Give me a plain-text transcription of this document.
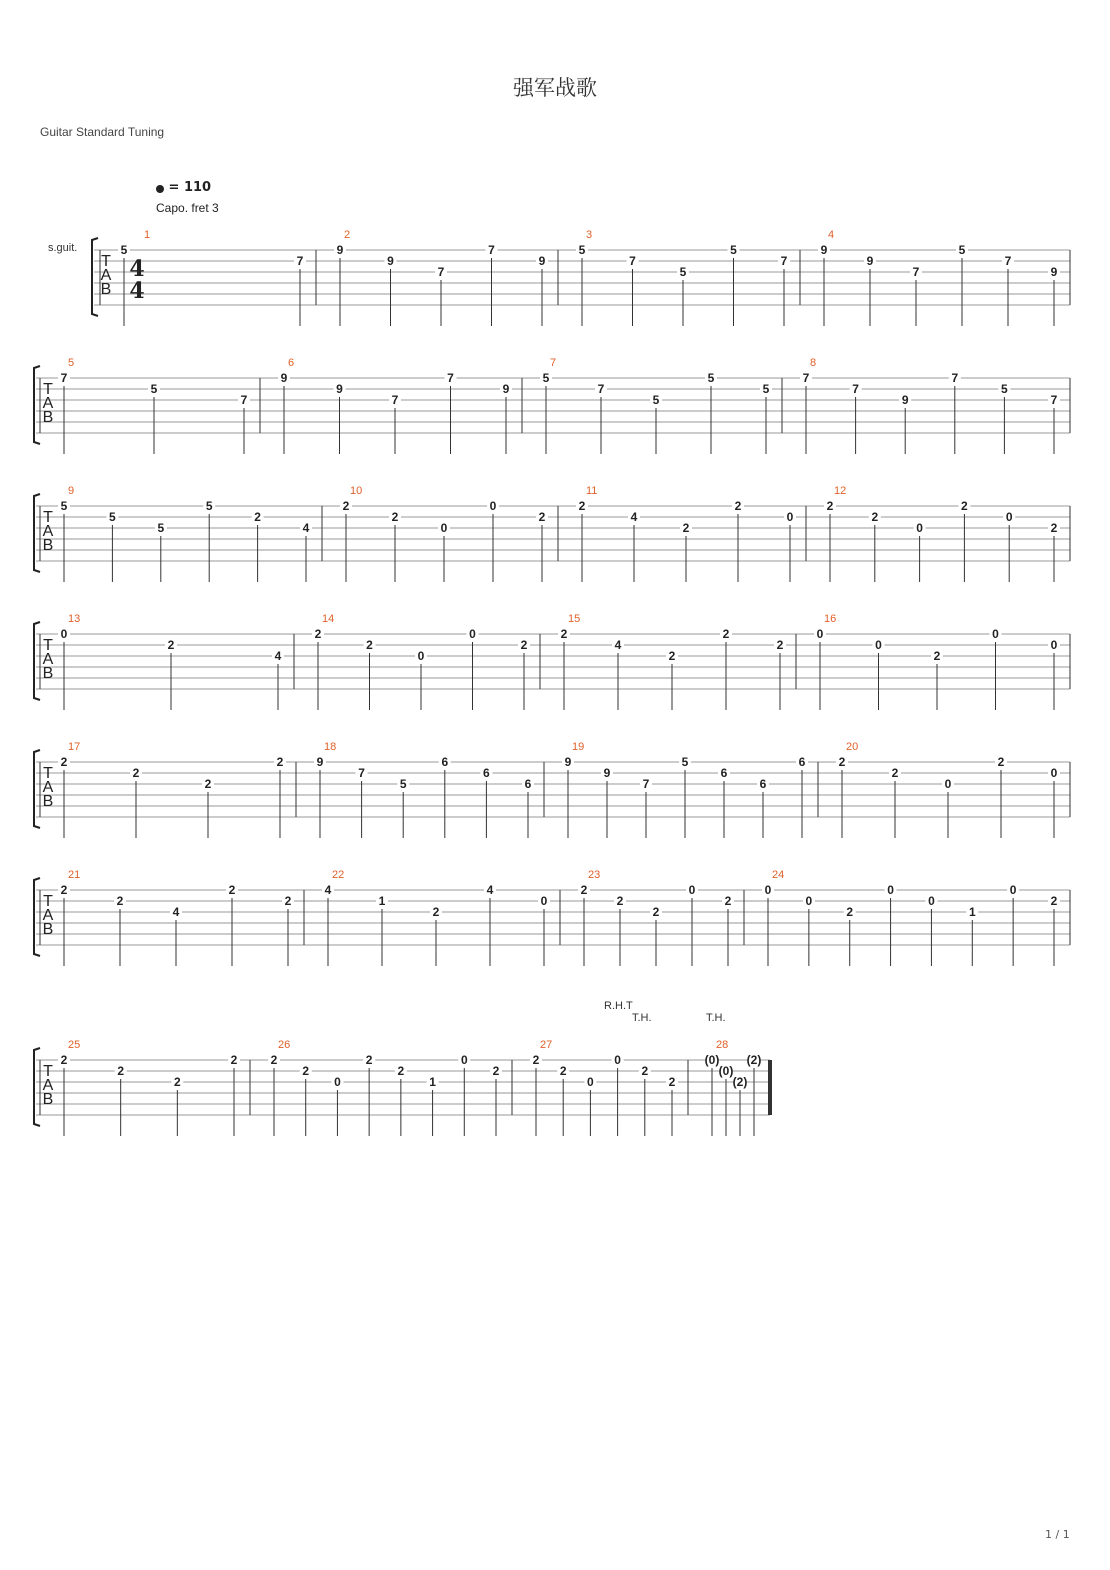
强军战歌
Guitar Standard Tuning
= 110
Capo. fret 3
s.guit.
R.H.T
T.H.	T.H.
1 / 1
T
A
B
1
5
7
2
9
9
7
7
9
3
5
7
5
5
7
4
9
9
7
5
7
9
T
A
B
5
7
5
7
6
9
9
7
7
9
7
5
7
5
5
5
8
7
7
9
7
5
7
T
A
B
9
5
5
5
5
2
4
10
2
2
0
0
2
11
2
4
2
2
0
12
2
2
0
2
0
2
T
A
B
13
0
2
4
14
2
2
0
0
2
15
2
4
2
2
2
16
0
0
2
0
0
T
A
B
17
2
2
2
2
18
9
7
5
6
6
6
19
9
9
7
5
6
6
6
20
2
2
0
2
0
T
A
B
21
2
2
4
2
2
22
4
1
2
4
0
23
2
2
2
0
2
24
0
0
2
0
0
1
0
2
T
A
B
25
2
2
2
2
26
2
2
0
2
2
1
0
2
27
2
2
0
0
2
2
28
(0)
(0)
(2)
(2)
4
4
